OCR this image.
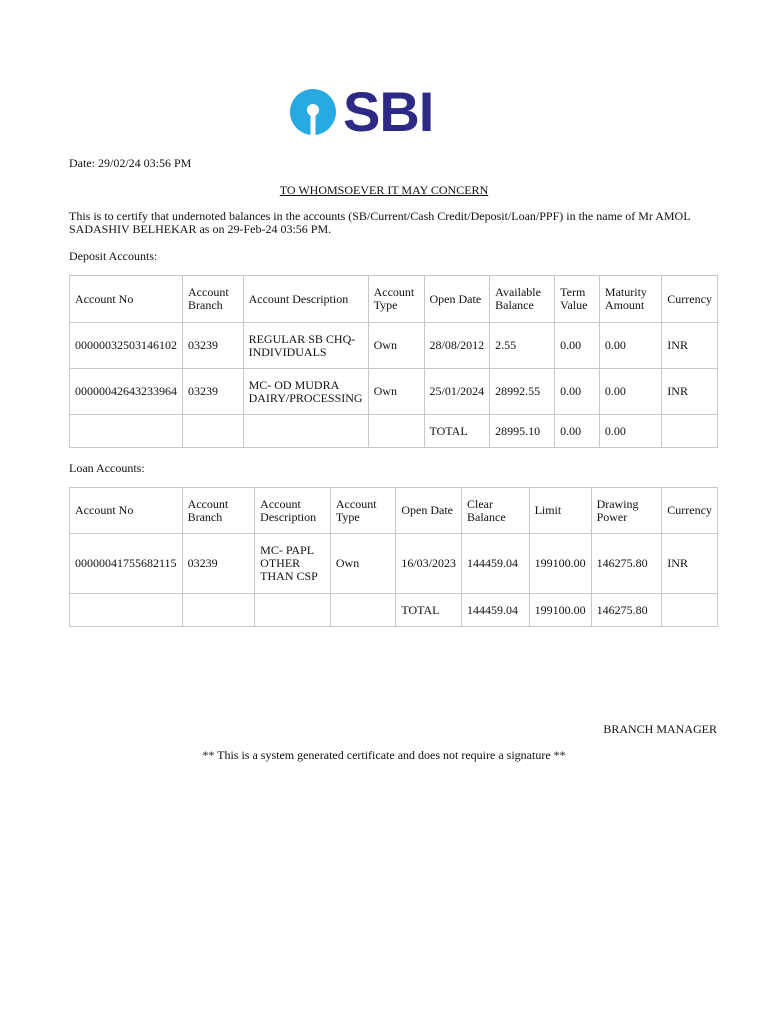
SBI
Date: 29/02/24 03:56 PM
TO WHOMSOEVER IT MAY CONCERN
This is to certify that undernoted balances in the accounts (SB/Current/Cash Credit/Deposit/Loan/PPF) in the name of Mr AMOL SADASHIV BELHEKAR as on 29-Feb-24 03:56 PM.
Deposit Accounts:
Account No	Account Branch	Account Description	Account Type	Open Date	Available Balance	Term Value	Maturity Amount	Currency
00000032503146102	03239	REGULAR SB CHQ-INDIVIDUALS	Own	28/08/2012	2.55	0.00	0.00	INR
00000042643233964	03239	MC- OD MUDRA DAIRY/PROCESSING	Own	25/01/2024	28992.55	0.00	0.00	INR
				TOTAL	28995.10	0.00	0.00	
Loan Accounts:
Account No	Account Branch	Account Description	Account Type	Open Date	Clear Balance	Limit	Drawing Power	Currency
00000041755682115	03239	MC- PAPL OTHER THAN CSP	Own	16/03/2023	144459.04	199100.00	146275.80	INR
				TOTAL	144459.04	199100.00	146275.80	
BRANCH MANAGER
** This is a system generated certificate and does not require a signature **
